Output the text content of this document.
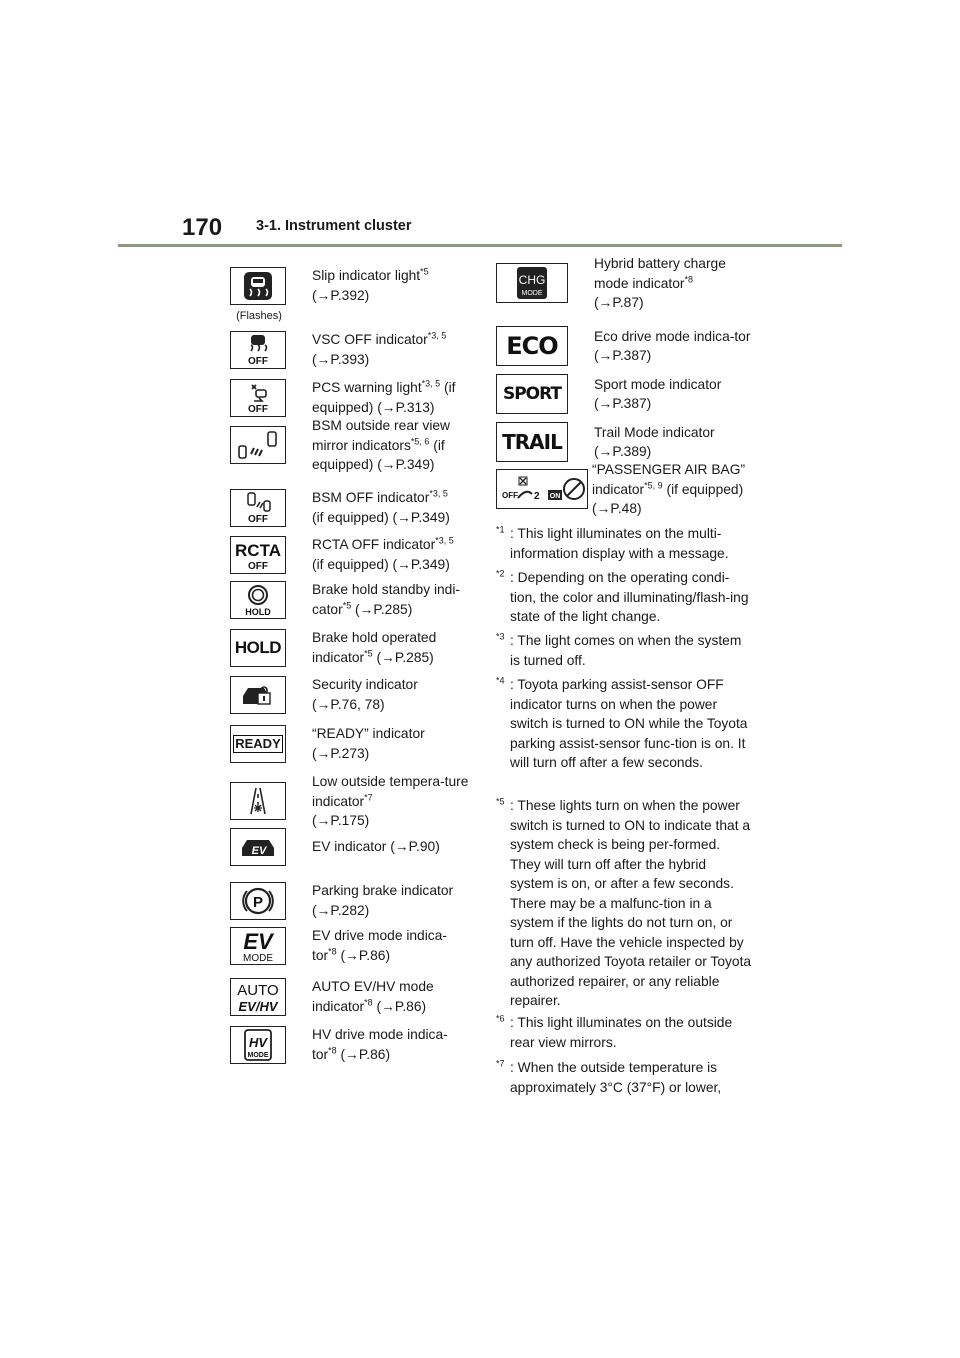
170 3-1. Instrument cluster
(Flashes)
Slip indicator light$^{*5}$
(→P.392)
OFF
VSC OFF indicator$^{*3, 5}$
(→P.393)
OFF
PCS warning light$^{*3, 5}$ (if equipped) (→P.313)
BSM outside rear view mirror indicators$^{*5, 6}$ (if equipped) (→P.349)
OFF
BSM OFF indicator$^{*3, 5}$
(if equipped) (→P.349)
RCTA
OFF
RCTA OFF indicator$^{*3, 5}$
(if equipped) (→P.349)
HOLD
Brake hold standby indi-cator$^{*5}$ (→P.285)
HOLD Brake hold operated indicator$^{*5}$ (→P.285)
Security indicator
(→P.76, 78)
READY
“READY” indicator
(→P.273)
Low outside tempera-ture indicator$^{*7}$
(→P.175)
EV	EV indicator (→P.90)
P
Parking brake indicator
(→P.282)
EV
MODE
EV drive mode indica-tor$^{*8}$ (→P.86)
AUTO
EV/HV
AUTO EV/HV mode indicator$^{*8}$ (→P.86)
HV
MODE
HV drive mode indica-tor$^{*8}$ (→P.86)
CHG
MODE
Hybrid battery charge mode indicator$^{*8}$
(→P.87)
ECO	Eco drive mode indica-tor (→P.387)
SPORT Sport mode indicator
(→P.387)
TRAIL Trail Mode indicator
(→P.389)
OFF 2 ON
“PASSENGER AIR BAG” indicator$^{*5, 9}$ (if equipped)
(→P.48)
$^{*1}$ : This light illuminates on the multi-information display with a message.
$^{*2}$ : Depending on the operating condi-tion, the color and illuminating/flash-ing state of the light change.
$^{*3}$ : The light comes on when the system is turned off.
$^{*4}$ : Toyota parking assist-sensor OFF indicator turns on when the power switch is turned to ON while the Toyota parking assist-sensor func-tion is on. It will turn off after a few seconds.
$^{*5}$ : These lights turn on when the power switch is turned to ON to indicate that a system check is being per-formed. They will turn off after the hybrid system is on, or after a few seconds. There may be a malfunc-tion in a system if the lights do not turn on, or turn off. Have the vehicle inspected by any authorized Toyota retailer or Toyota authorized repairer, or any reliable repairer.
$^{*6}$ : This light illuminates on the outside rear view mirrors.
$^{*7}$ : When the outside temperature is approximately 3°C (37°F) or lower,
